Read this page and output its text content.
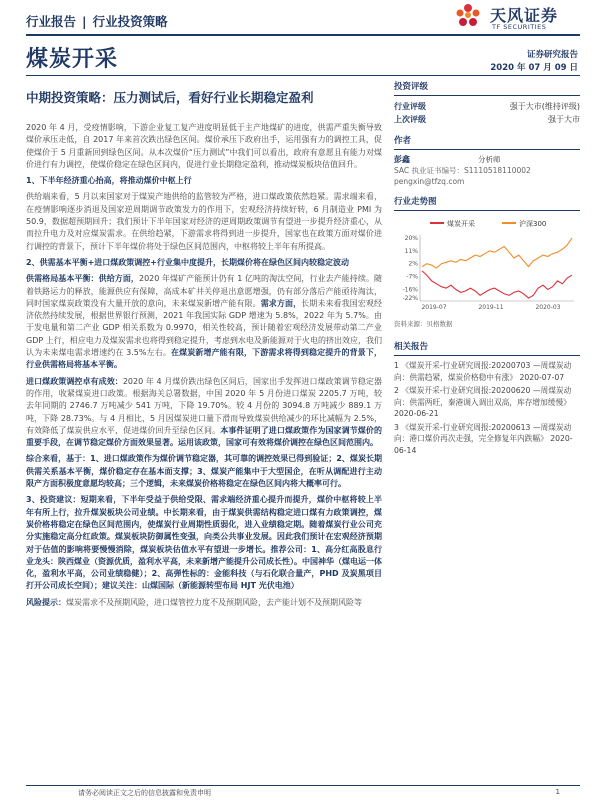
行业报告 | 行业投资策略	天风证券
TF SECURITIES
煤炭开采	证券研究报告
2020 年 07 月 09 日
中期投资策略：压力测试后，看好行业长期稳定盈利

2020 年 4 月，受疫情影响，下游企业复工复产进度明显低于主产地煤矿的进度，供需严重失衡导致煤价承压走低，自 2017 年来首次跌出绿色区间。煤价承压下政府出手，运用强有力的调控工具，促使煤价于 5 月重新回到绿色区间。从本次煤价“压力测试”中我们可以看出，政府有意愿且有能力对煤价进行有力调控，使煤价稳定在绿色区间内，促进行业长期稳定盈利，推动煤炭板块估值回升。

1、下半年经济重心抬高，将推动煤价中枢上行

供给端来看，5 月以来国家对于煤炭产地供给的监管较为严格，进口煤政策依然趋紧。需求端来看，在疫情影响逐步消退及国家逆周期调节政策发力的作用下，宏观经济持续好转，6 月制造业 PMI 为 50.9，数据超预期回升；我们预计下半年国家对经济的逆周期政策调节有望进一步提升经济重心，从而拉升电力及对应煤炭需求。在供给趋紧，下游需求将得到进一步提升，国家也在政策方面对煤价进行调控的背景下，预计下半年煤价将处于绿色区间范围内，中枢将较上半年有所提高。

2、供需基本平衡+进口煤政策调控+行业集中度提升，长期煤价将在绿色区间内较稳定波动

供需格局基本平衡：供给方面，2020 年煤矿产能预计仍有 1 亿吨的淘汰空间，行业去产能持续。随着铁路运力的释放，能源供应有保障，高成本矿井关停退出意愿增强，仍有部分落后产能亟待淘汰，同时国家煤炭政策没有大量开放的意向，未来煤炭新增产能有限。需求方面，长期未来看我国宏观经济依然持续发展，根据世界银行预测，2021 年我国实际 GDP 增速为 5.8%，2022 年为 5.7%。由于发电量和第二产业 GDP 相关系数为 0.9970，相关性较高，预计随着宏观经济发展带动第二产业 GDP 上行，相应电力及煤炭需求也将得到稳定提升，考虑到水电及新能源对于火电的挤出效应，我们认为未来煤电需求增速约在 3.5%左右。在煤炭新增产能有限，下游需求将得到稳定提升的背景下，行业供需格局将基本平衡。

进口煤政策调控卓有成效：2020 年 4 月煤价跌出绿色区间后，国家出手发挥进口煤政策调节稳定器的作用，收紧煤炭进口政策。根据海关总署数据，中国 2020 年 5 月份进口煤炭 2205.7 万吨，较去年同期的 2746.7 万吨减少 541 万吨，下降 19.70%。较 4 月份的 3094.8 万吨减少 889.1 万吨，下降 28.73%。与 4 月相比，5 月因煤炭进口量下滑而导致煤炭供给减少的环比减幅为 2.5%，有效降低了煤炭供应水平，促进煤价回升至绿色区间。本事件证明了进口煤政策作为国家调节煤价的重要手段，在调节稳定煤价方面效果显著。运用该政策，国家可有效将煤价调控在绿色区间范围内。

综合来看，基于：1、进口煤政策作为煤价调节稳定器，其可靠的调控效果已得到验证；2、煤炭长期供需关系基本平衡，煤价稳定存在基本面支撑；3、煤炭产能集中于大型国企，在听从调配进行主动限产方面积极度意愿均较高；三个逻辑，未来煤炭价格将稳定在绿色区间内将大概率可行。

3、投资建议：短期来看，下半年受益于供给受限、需求端经济重心提升而提升，煤价中枢将较上半年有所上行，拉升煤炭板块公司业绩。中长期来看，由于煤炭供需结构稳定进口煤有力政策调控，煤炭价格将稳定在绿色区间范围内，使煤炭行业周期性质弱化，进入业绩稳定期。随着煤炭行业公司充分实施稳定高分红政策。煤炭板块防御属性变强，向类公共事业发展。因此我们预计在宏观经济预期对于估值的影响将要慢慢消除，煤炭板块估值水平有望进一步增长。推荐公司：1、高分红高股息行业龙头：陕西煤业（资源优质，盈利水平高，未来新增产能提升公司成长性）。中国神华（煤电运一体化，盈利水平高，公司业绩稳健）；2、高弹性标的：金能科技（与石化联合量产，PHD 及炭黑项目打开公司成长空间）；建议关注：山煤国际（新能源转型布局 HJT 光伏电池）

风险提示：煤炭需求不及预期风险，进口煤管控力度不及预期风险，去产能计划不及预期风险等

投资评级
行业评级	强于大市(维持评级)
上次评级	强于大市
作者
彭鑫	分析师
SAC 执业证书编号：S1110518110002
pengxin@tfzq.com
行业走势图
煤炭开采	沪深300
20%
11%
2%
-7%
-16%
-22%
2019-07	2019-11	2020-03
资料来源：贝格数据
相关报告
1 《煤炭开采-行业研究周报:20200703 —周煤炭动向：供需趋紧，煤炭价格稳中有涨》 2020-07-07
2 《煤炭开采-行业研究周报:20200620 —周煤炭动向：供需两旺，秦港调入调出双高，库存增加缓慢》 2020-06-21
3 《煤炭开采-行业研究周报:20200613 —周煤炭动向：港口煤价再次走强，完全修复年内跌幅》 2020-06-14
请务必阅读正文之后的信息披露和免责申明	1
